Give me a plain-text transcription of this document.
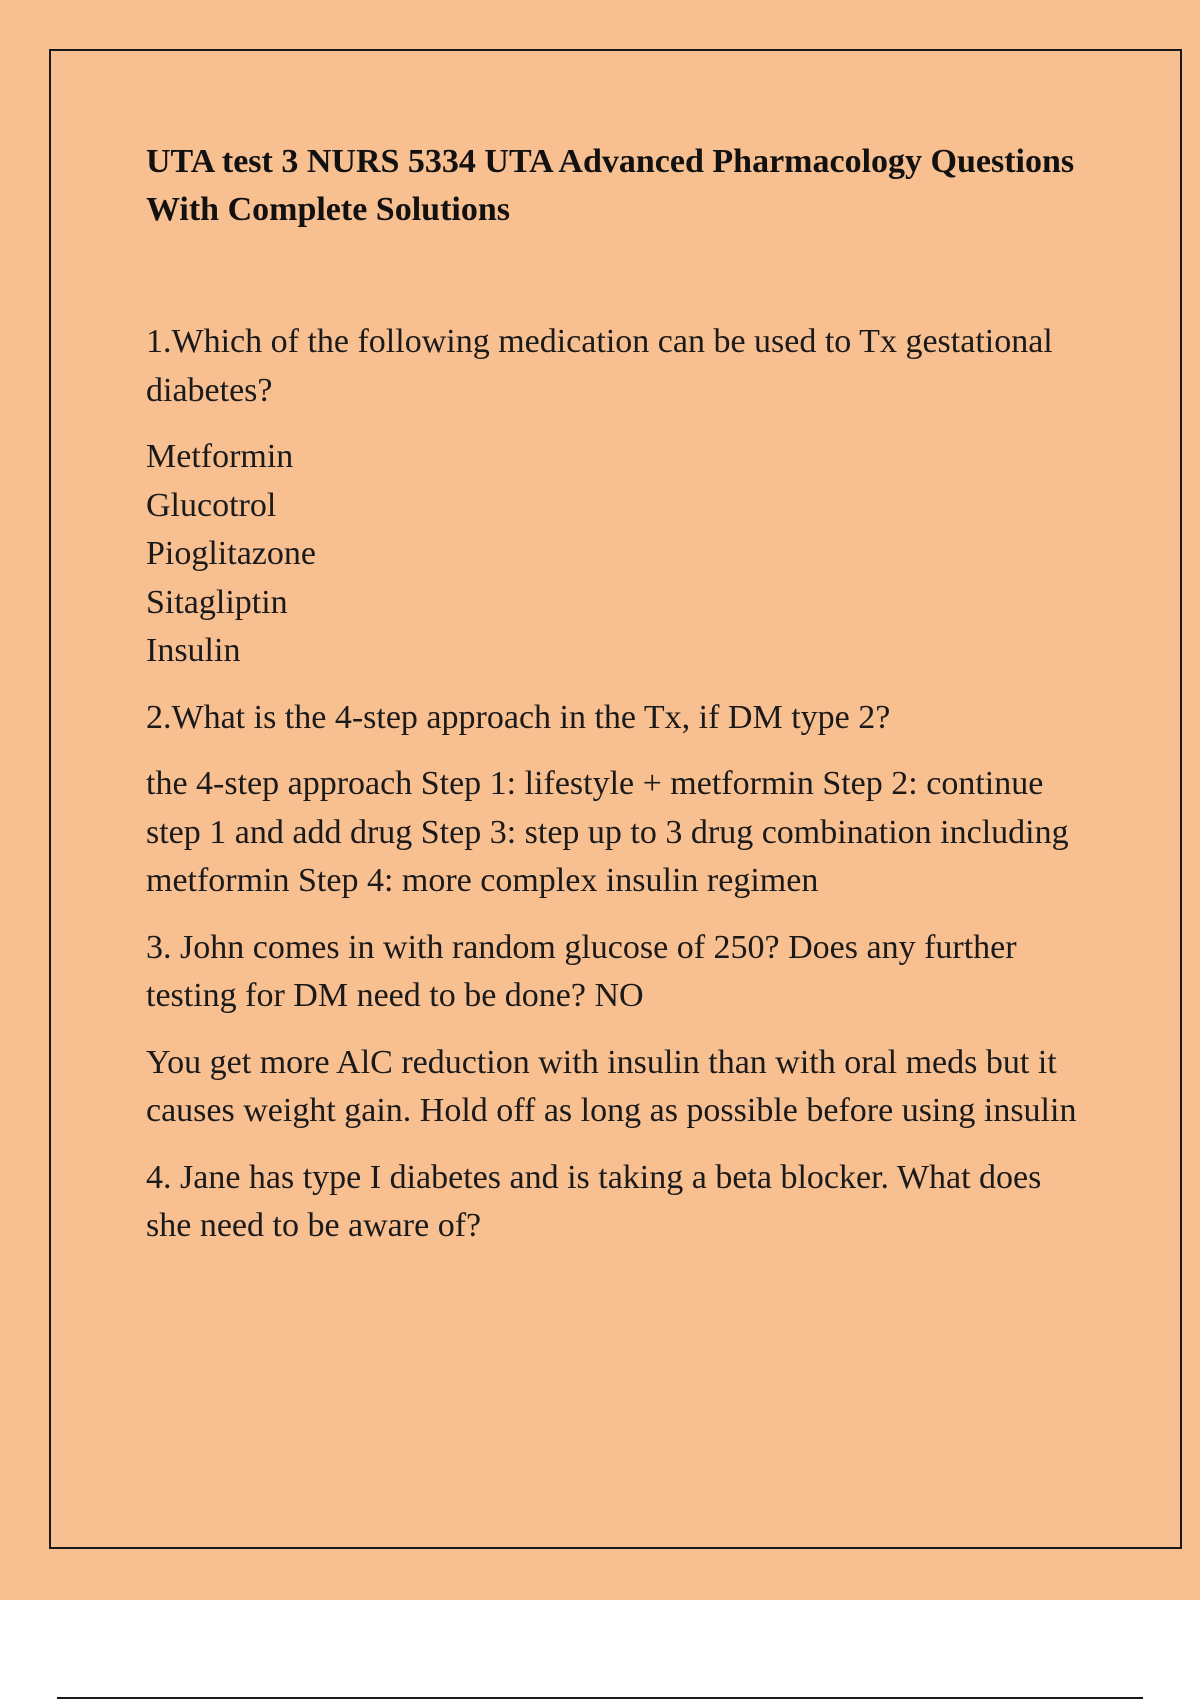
UTA test 3 NURS 5334 UTA Advanced Pharmacology Questions With Complete Solutions

1.Which of the following medication can be used to Tx gestational diabetes?

Metformin
Glucotrol
Pioglitazone
Sitagliptin
Insulin

2.What is the 4-step approach in the Tx, if DM type 2?

the 4-step approach Step 1: lifestyle + metformin Step 2: continue step 1 and add drug Step 3: step up to 3 drug combination including metformin Step 4: more complex insulin regimen

3. John comes in with random glucose of 250? Does any further testing for DM need to be done? NO

You get more AlC reduction with insulin than with oral meds but it causes weight gain. Hold off as long as possible before using insulin

4. Jane has type I diabetes and is taking a beta blocker. What does she need to be aware of?
